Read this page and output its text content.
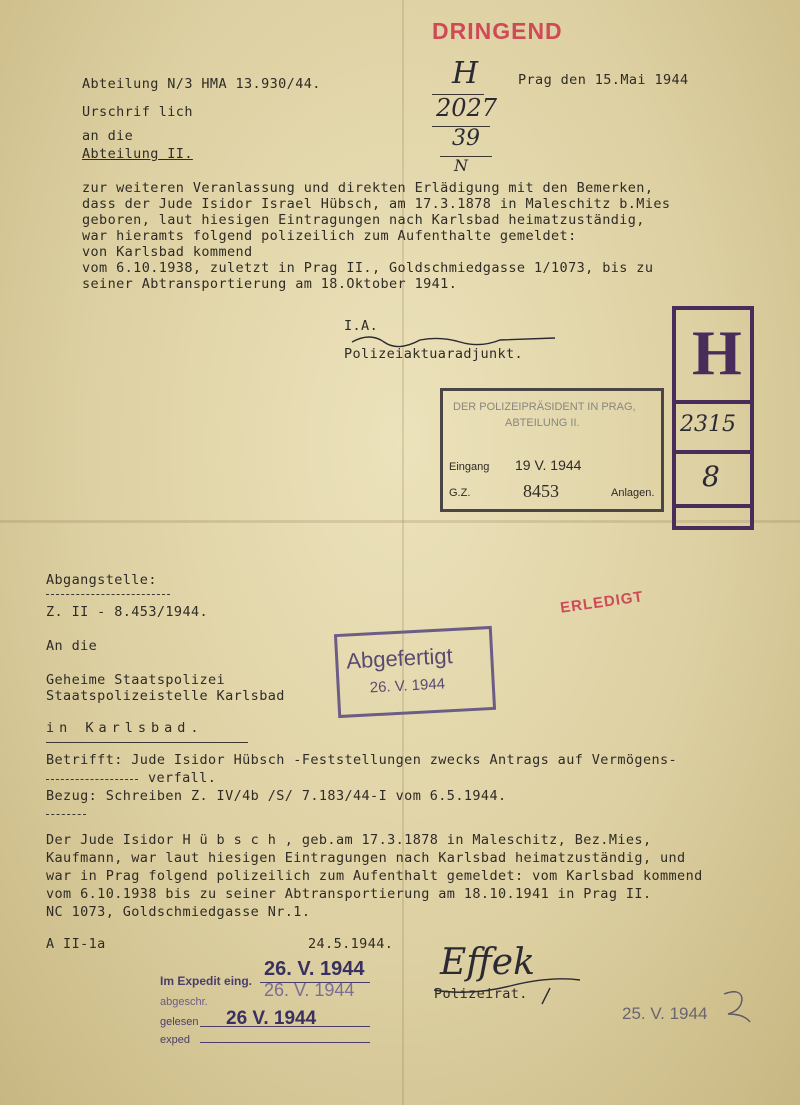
DRINGEND
Abteilung N/3 HMA 13.930/44.	Prag den 15.Mai 1944
Urschrif lich
an die
Abteilung II.
H
2027
39
N
zur weiteren Veranlassung und direkten Erlädigung mit den Bemerken,
dass der Jude Isidor Israel Hübsch, am 17.3.1878 in Maleschitz b.Mies
geboren, laut hiesigen Eintragungen nach Karlsbad heimatzuständig,
war hieramts folgend polizeilich zum Aufenthalte gemeldet:
von Karlsbad kommend
vom 6.10.1938, zuletzt in Prag II., Goldschmiedgasse 1/1073, bis zu
seiner Abtransportierung am 18.Oktober 1941.
I.A.
Polizeiaktuaradjunkt.
DER POLIZEIPRÄSIDENT IN PRAG,
ABTEILUNG II.
Eingang 19 V. 1944
G.Z.	8453	Anlagen.
H
2315
8
Abgangstelle:
Z. II - 8.453/1944.	ERLEDIGT
An die
Geheime Staatspolizei
Staatspolizeistelle Karlsbad
Abgefertigt
26. V. 1944
in Karlsbad.
Betrifft: Jude Isidor Hübsch -Feststellungen zwecks Antrags auf Vermögens-
verfall.
Bezug: Schreiben Z. IV/4b /S/ 7.183/44-I vom 6.5.1944.
Der Jude Isidor H ü b s c h , geb.am 17.3.1878 in Maleschitz, Bez.Mies,
Kaufmann, war laut hiesigen Eintragungen nach Karlsbad heimatzuständig, und
war in Prag folgend polizeilich zum Aufenthalt gemeldet: vom Karlsbad kommend
vom 6.10.1938 bis zu seiner Abtransportierung am 18.10.1941 in Prag II.
NC 1073, Goldschmiedgasse Nr.1.
A II-1a	24.5.1944. Effek
Polizeirat.
Im Expedit eing.
26. V. 1944
abgeschr.
26. V. 1944
gelesen 26 V. 1944
exped
25. V. 1944
